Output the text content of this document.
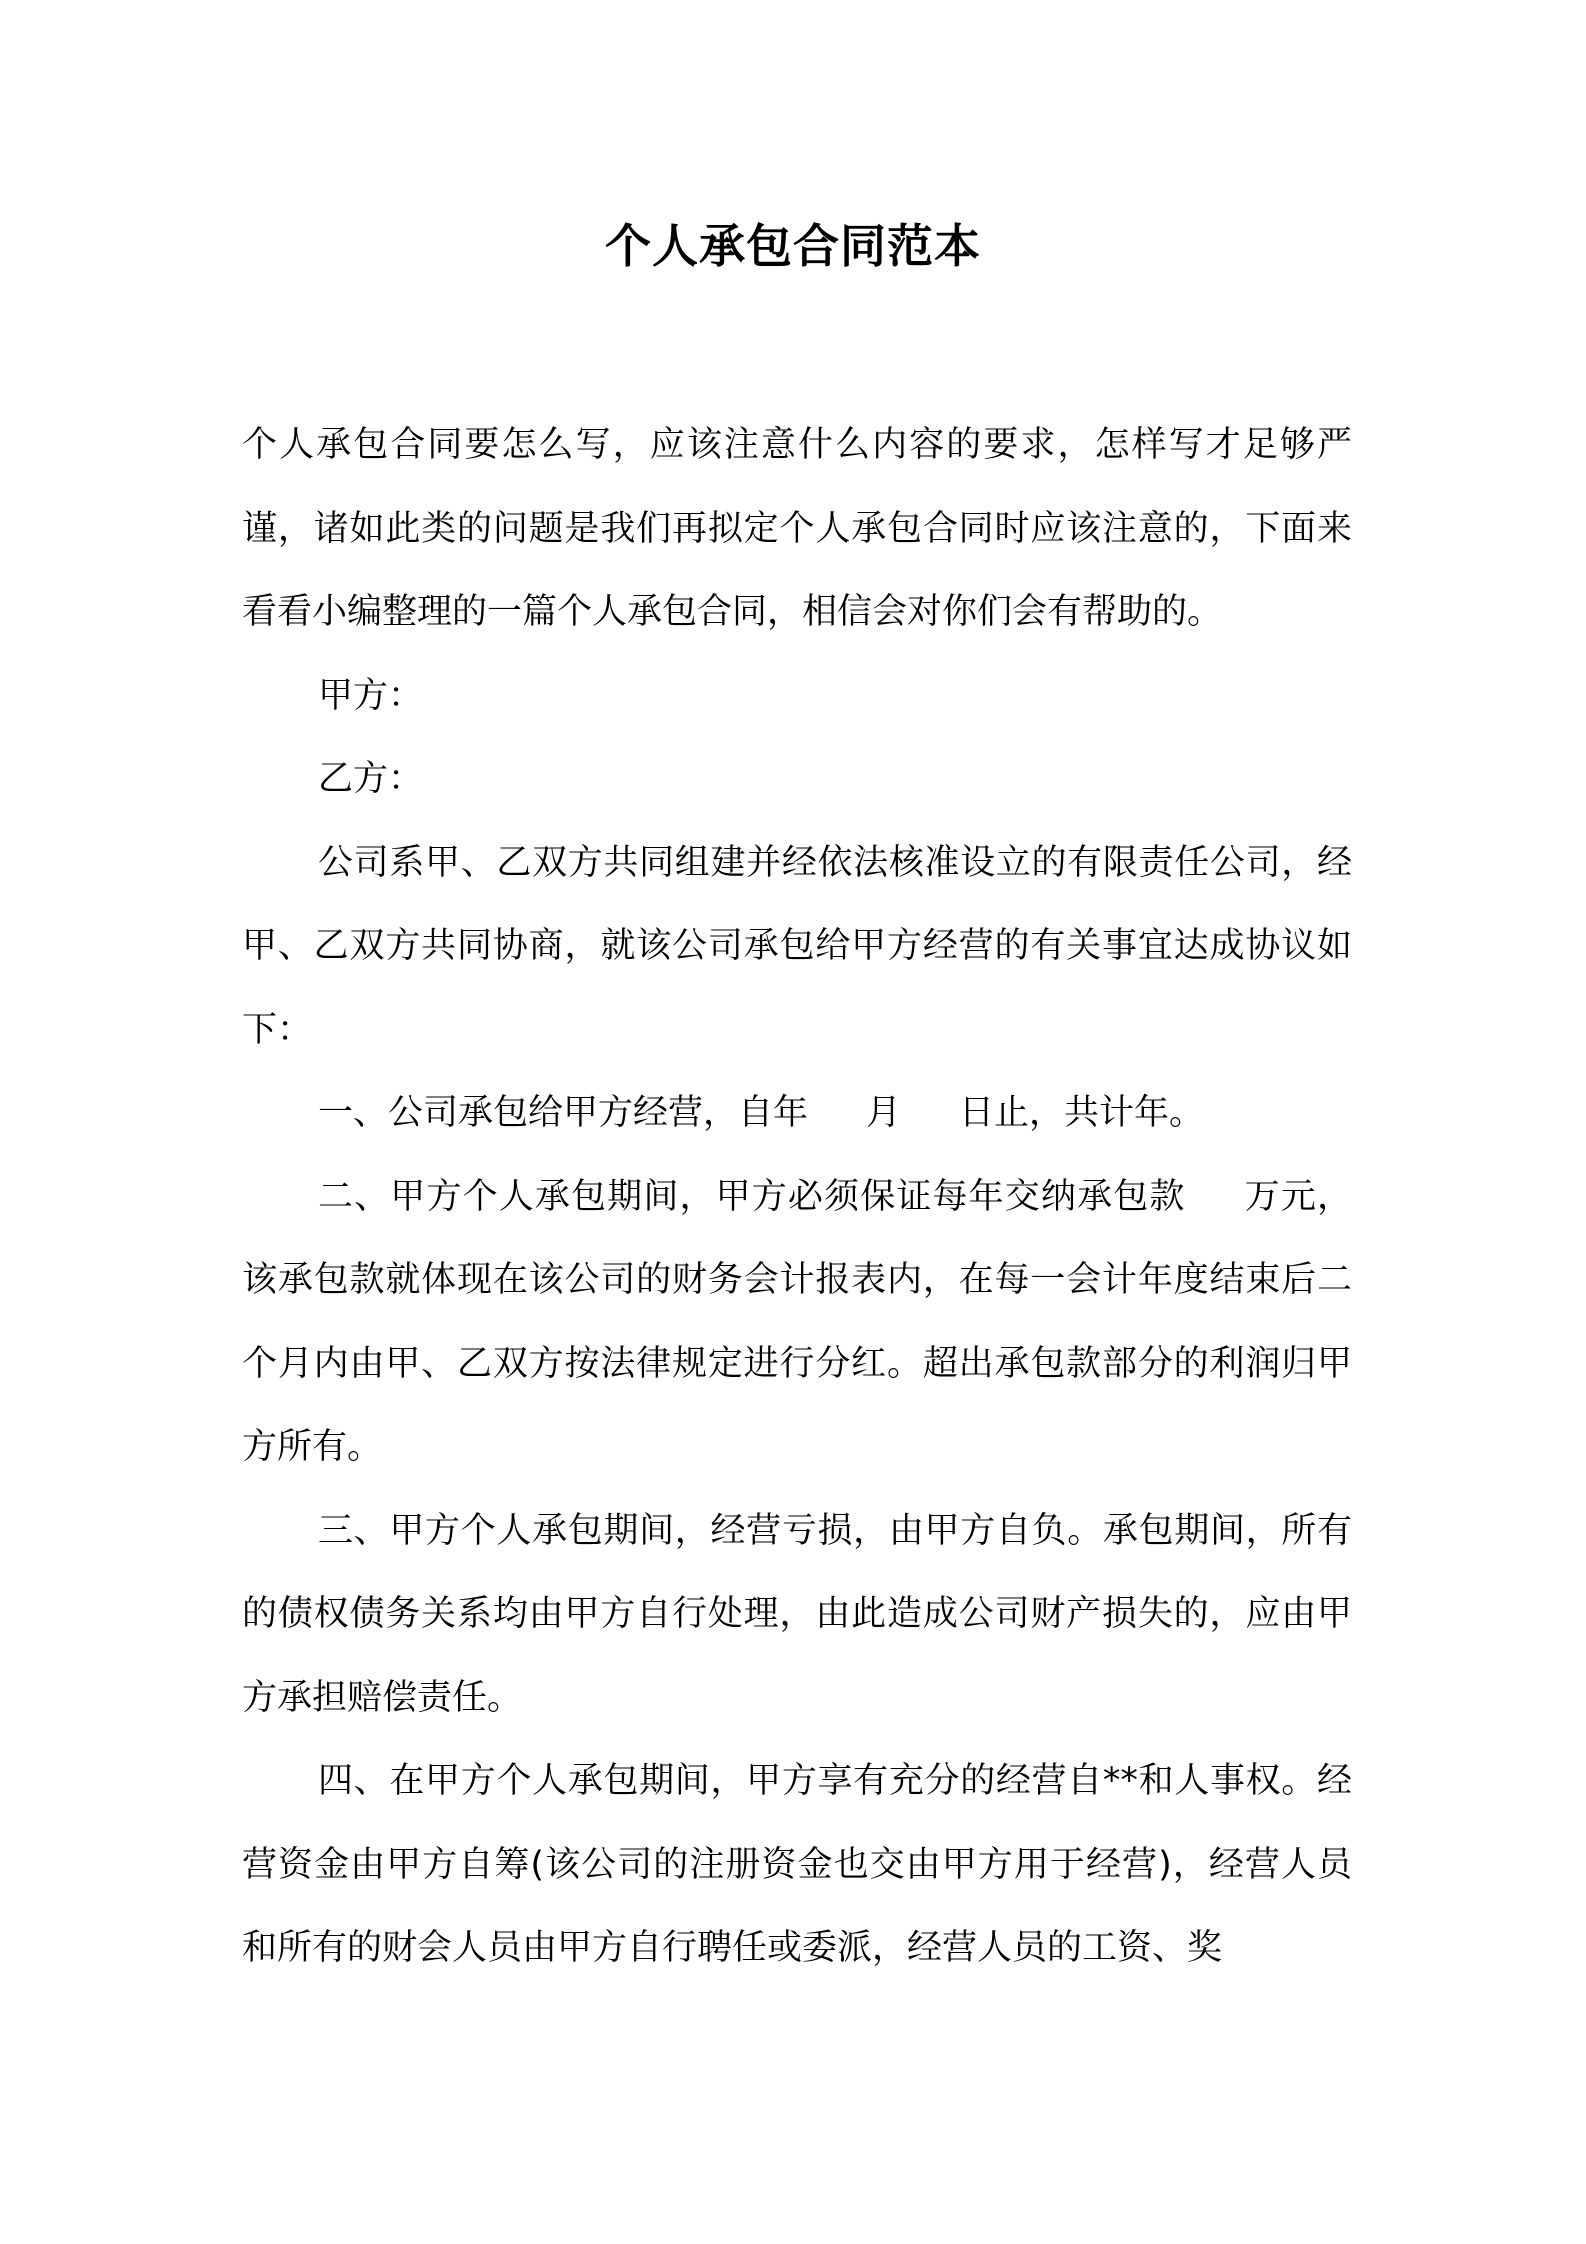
个人承包合同范本

个人承包合同要怎么写，应该注意什么内容的要求，怎样写才足够严谨，诸如此类的问题是我们再拟定个人承包合同时应该注意的，下面来看看小编整理的一篇个人承包合同，相信会对你们会有帮助的。

甲方：

乙方：

公司系甲、乙双方共同组建并经依法核准设立的有限责任公司，经甲、乙双方共同协商，就该公司承包给甲方经营的有关事宜达成协议如下：

一、公司承包给甲方经营，自年 月 日止，共计年。

二、甲方个人承包期间，甲方必须保证每年交纳承包款 万元，该承包款就体现在该公司的财务会计报表内，在每一会计年度结束后二个月内由甲、乙双方按法律规定进行分红。超出承包款部分的利润归甲方所有。

三、甲方个人承包期间，经营亏损，由甲方自负。承包期间，所有的债权债务关系均由甲方自行处理，由此造成公司财产损失的，应由甲方承担赔偿责任。

四、在甲方个人承包期间，甲方享有充分的经营自**和人事权。经营资金由甲方自筹(该公司的注册资金也交由甲方用于经营)，经营人员和所有的财会人员由甲方自行聘任或委派，经营人员的工资、奖
